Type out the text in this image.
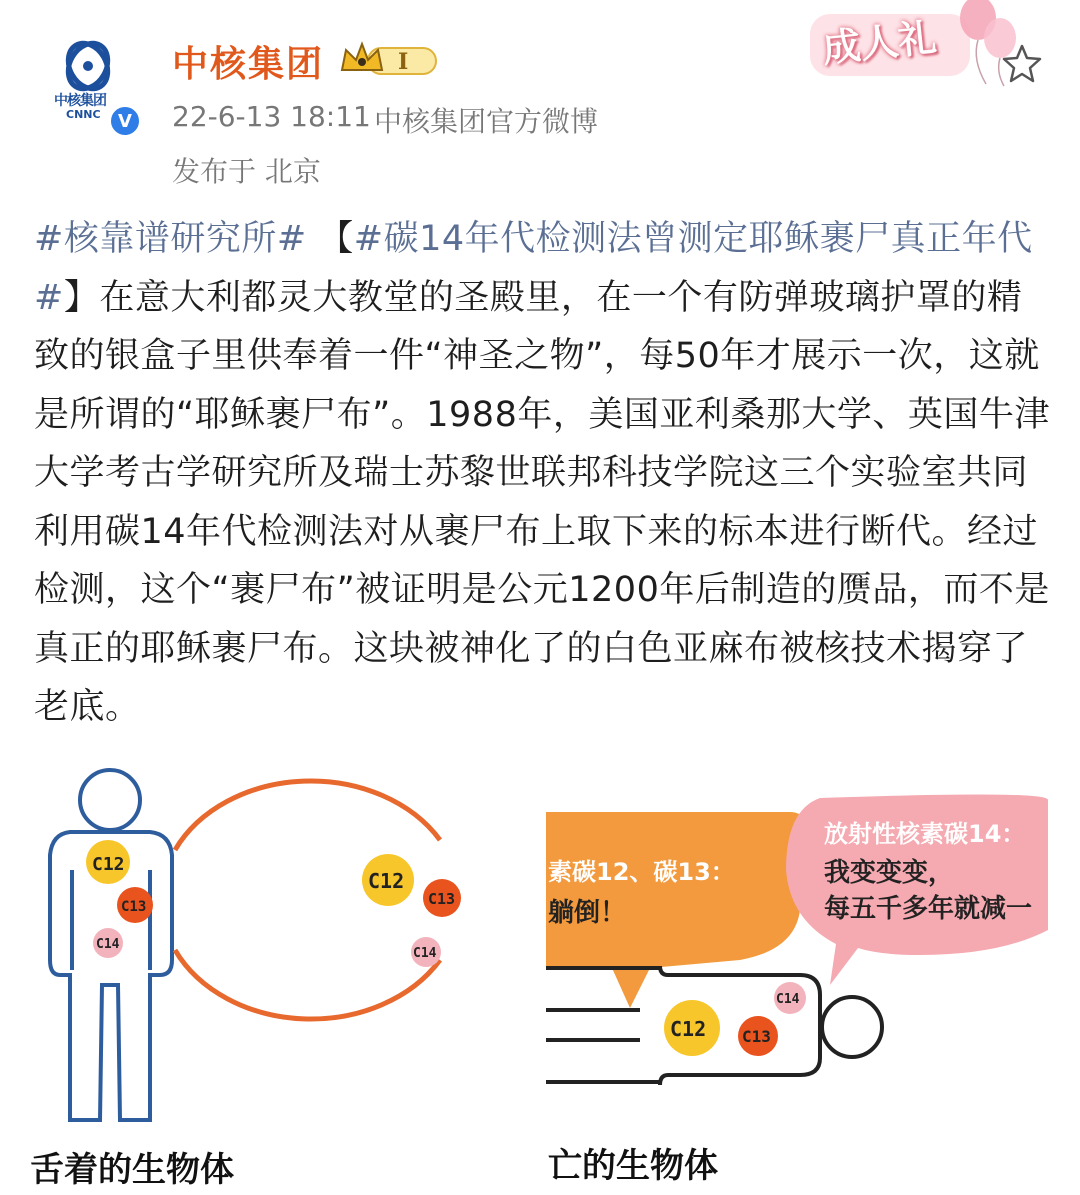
中核集团
CNNC V
中核集团	I
22-6-13 18:11 中核集团官方微博
发布于 北京
成人礼
#核靠谱研究所# 【#碳14年代检测法曾测定耶稣裹尸真正年代#】在意大利都灵大教堂的圣殿里，在一个有防弹玻璃护罩的精致的银盒子里供奉着一件“神圣之物”，每50年才展示一次，这就是所谓的“耶稣裹尸布”。1988年，美国亚利桑那大学、英国牛津大学考古学研究所及瑞士苏黎世联邦科技学院这三个实验室共同利用碳14年代检测法对从裹尸布上取下来的标本进行断代。经过检测，这个“裹尸布”被证明是公元1200年后制造的赝品，而不是真正的耶稣裹尸布。这块被神化了的白色亚麻布被核技术揭穿了老底。
C12
C13
C14
C12
C13
C14
C12 C13
C14
素碳12、碳13：
躺倒！
放射性核素碳14：
我变变变，
每五千多年就减一
舌着的生物体	亡的生物体
